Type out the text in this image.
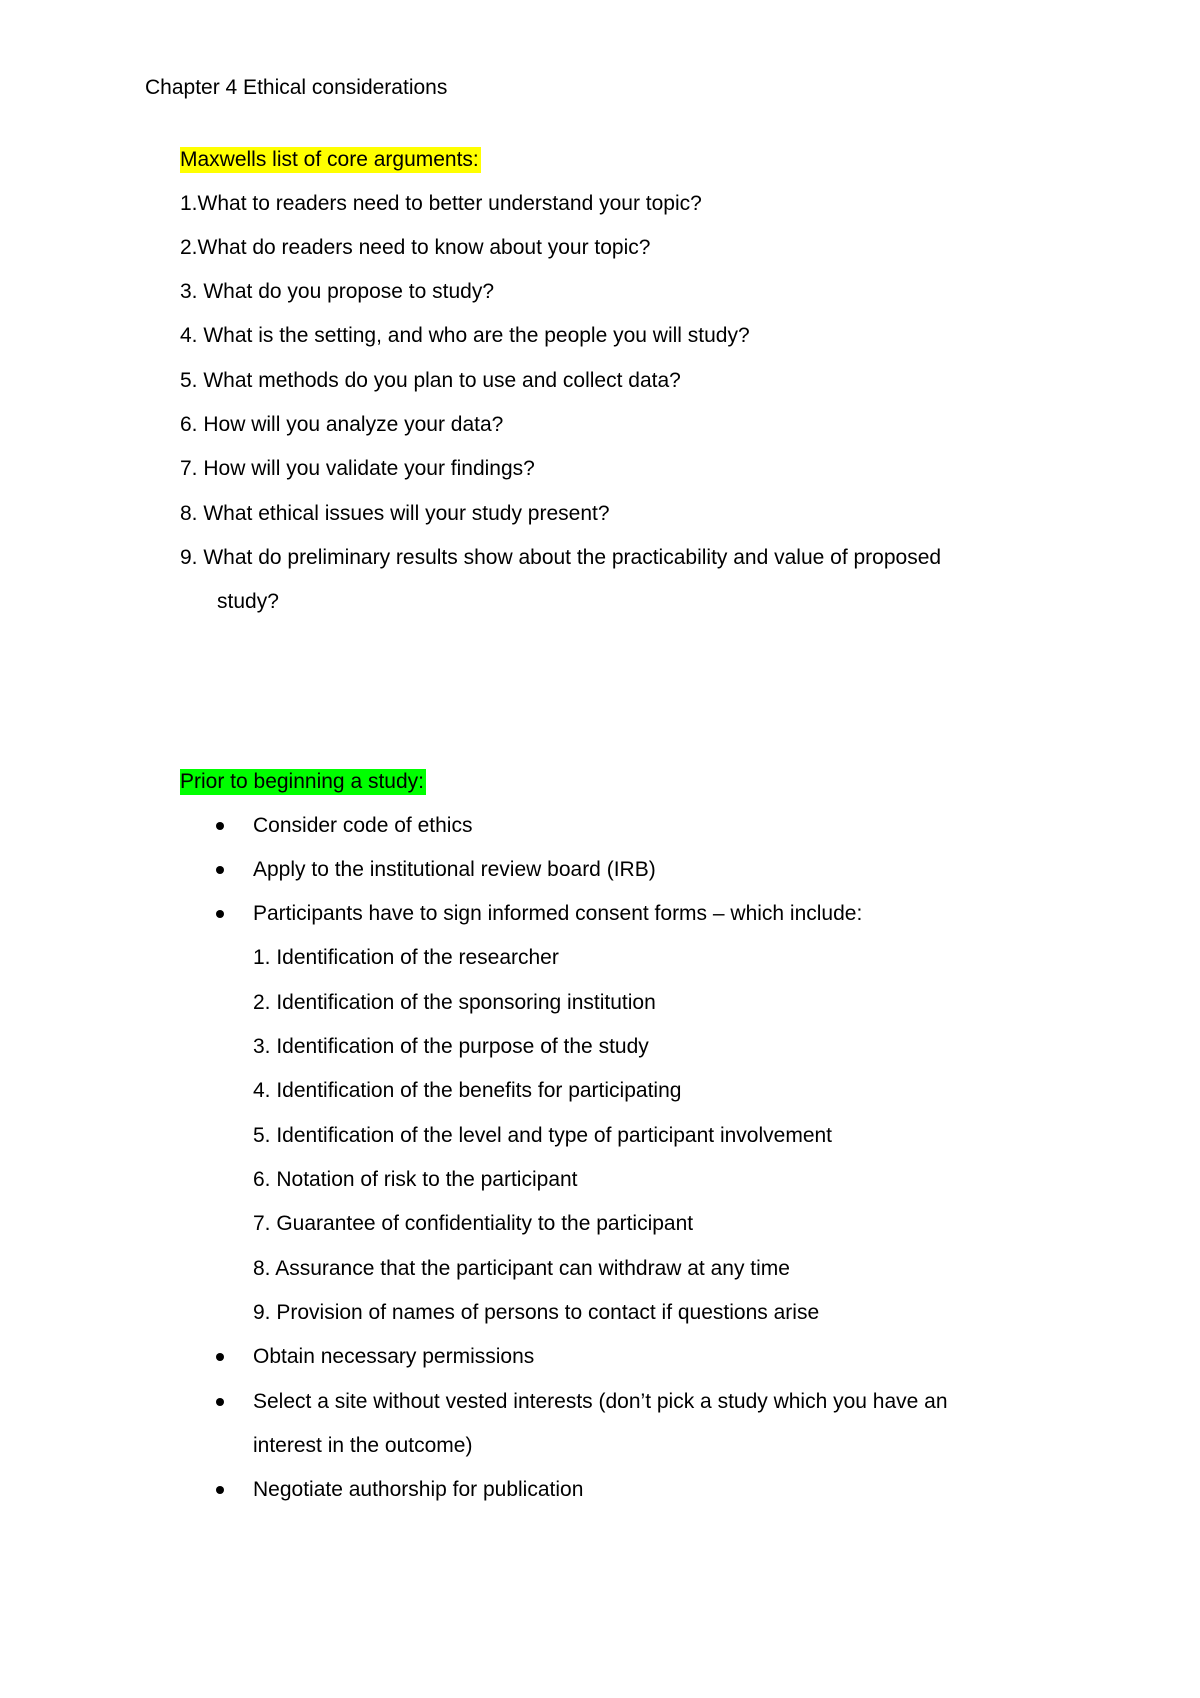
Chapter 4 Ethical considerations
Maxwells list of core arguments:
1.What to readers need to better understand your topic?
2.What do readers need to know about your topic?
3. What do you propose to study?
4. What is the setting, and who are the people you will study?
5. What methods do you plan to use and collect data?
6. How will you analyze your data?
7. How will you validate your findings?
8. What ethical issues will your study present?
9. What do preliminary results show about the practicability and value of proposed
study?
Prior to beginning a study:
Consider code of ethics
Apply to the institutional review board (IRB)
Participants have to sign informed consent forms – which include:
1. Identification of the researcher
2. Identification of the sponsoring institution
3. Identification of the purpose of the study
4. Identification of the benefits for participating
5. Identification of the level and type of participant involvement
6. Notation of risk to the participant
7. Guarantee of confidentiality to the participant
8. Assurance that the participant can withdraw at any time
9. Provision of names of persons to contact if questions arise
Obtain necessary permissions
Select a site without vested interests (don’t pick a study which you have an
interest in the outcome)
Negotiate authorship for publication
